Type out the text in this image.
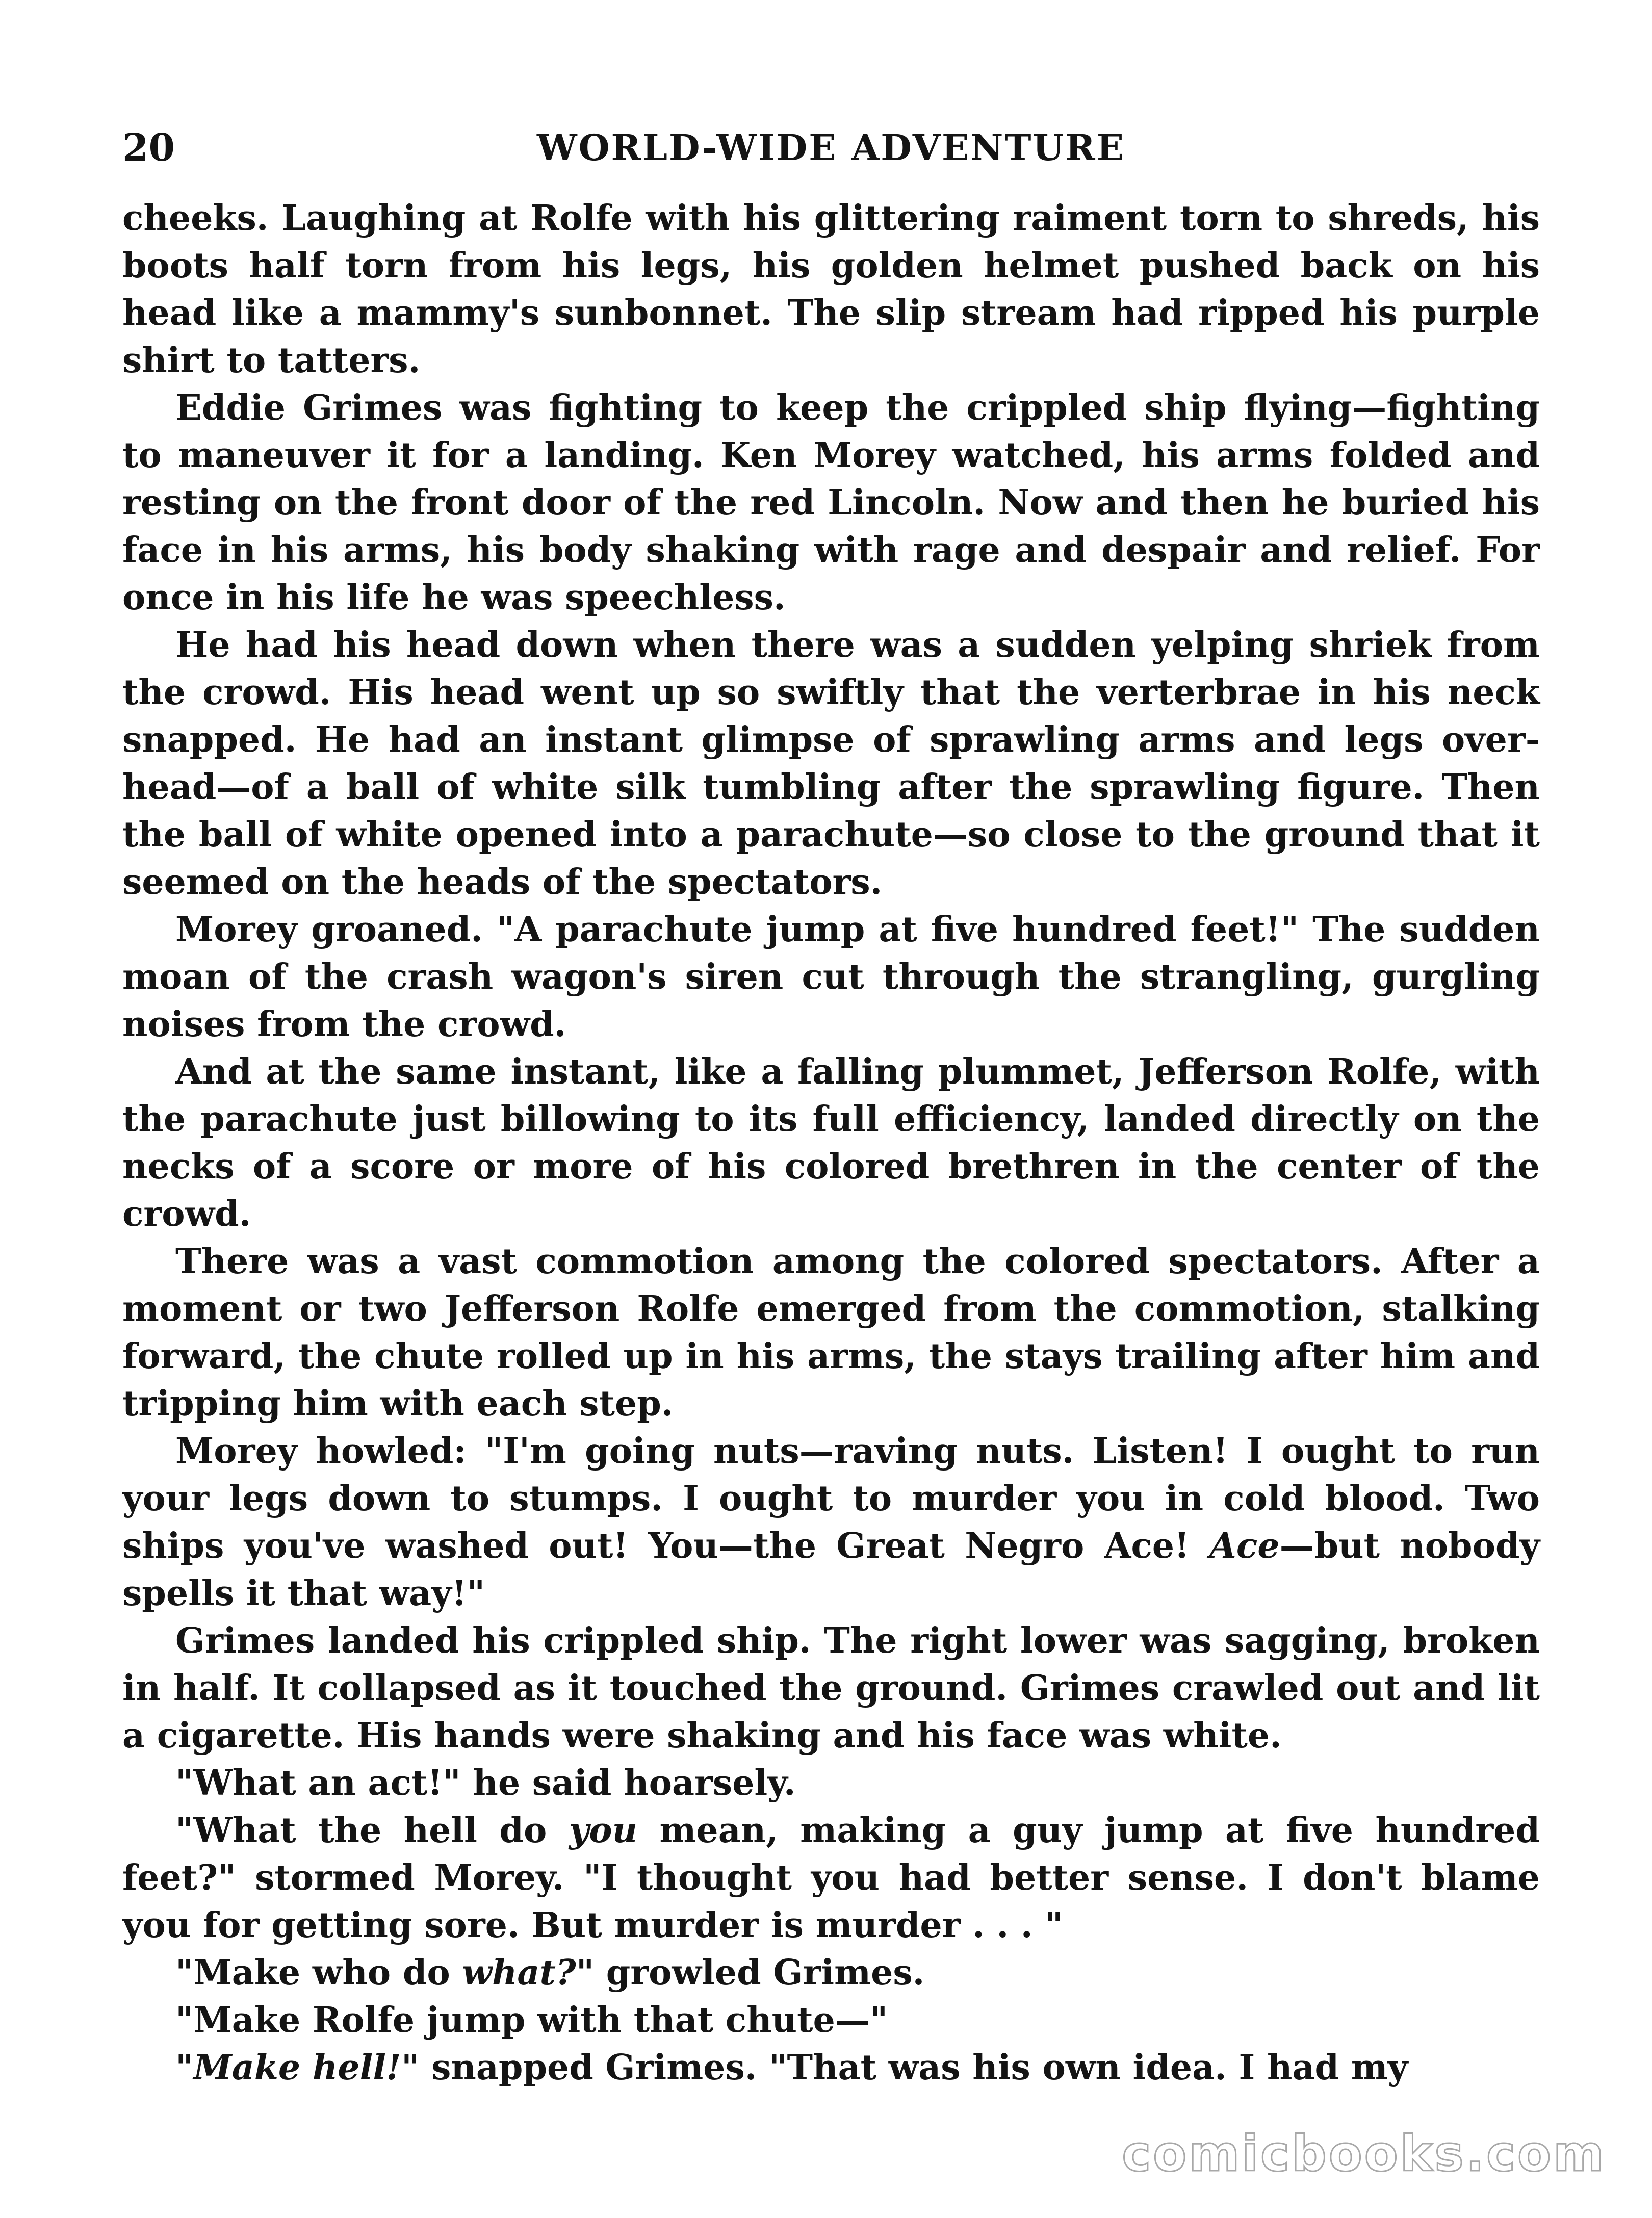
20	WORLD-WIDE ADVENTURE

cheeks. Laughing at Rolfe with his glittering raiment torn to shreds, his boots half torn from his legs, his golden helmet pushed back on his head like a mammy's sunbonnet. The slip stream had ripped his purple shirt to tatters.

Eddie Grimes was fighting to keep the crippled ship flying—fighting to maneuver it for a landing. Ken Morey watched, his arms folded and resting on the front door of the red Lincoln. Now and then he buried his face in his arms, his body shaking with rage and despair and relief. For once in his life he was speechless.

He had his head down when there was a sudden yelping shriek from the crowd. His head went up so swiftly that the verterbrae in his neck snapped. He had an instant glimpse of sprawling arms and legs over-head—of a ball of white silk tumbling after the sprawling figure. Then the ball of white opened into a parachute—so close to the ground that it seemed on the heads of the spectators.

Morey groaned. "A parachute jump at five hundred feet!" The sudden moan of the crash wagon's siren cut through the strangling, gurgling noises from the crowd.

And at the same instant, like a falling plummet, Jefferson Rolfe, with the parachute just billowing to its full efficiency, landed directly on the necks of a score or more of his colored brethren in the center of the crowd.

There was a vast commotion among the colored spectators. After a moment or two Jefferson Rolfe emerged from the commotion, stalking forward, the chute rolled up in his arms, the stays trailing after him and tripping him with each step.

Morey howled: "I'm going nuts—raving nuts. Listen! I ought to run your legs down to stumps. I ought to murder you in cold blood. Two ships you've washed out! You—the Great Negro Ace! Ace—but nobody spells it that way!"

Grimes landed his crippled ship. The right lower was sagging, broken in half. It collapsed as it touched the ground. Grimes crawled out and lit a cigarette. His hands were shaking and his face was white.

"What an act!" he said hoarsely.

"What the hell do you mean, making a guy jump at five hundred feet?" stormed Morey. "I thought you had better sense. I don't blame you for getting sore. But murder is murder . . . "

"Make who do what?" growled Grimes.

"Make Rolfe jump with that chute—"

"Make hell!" snapped Grimes. "That was his own idea. I had my

comicbooks.com
